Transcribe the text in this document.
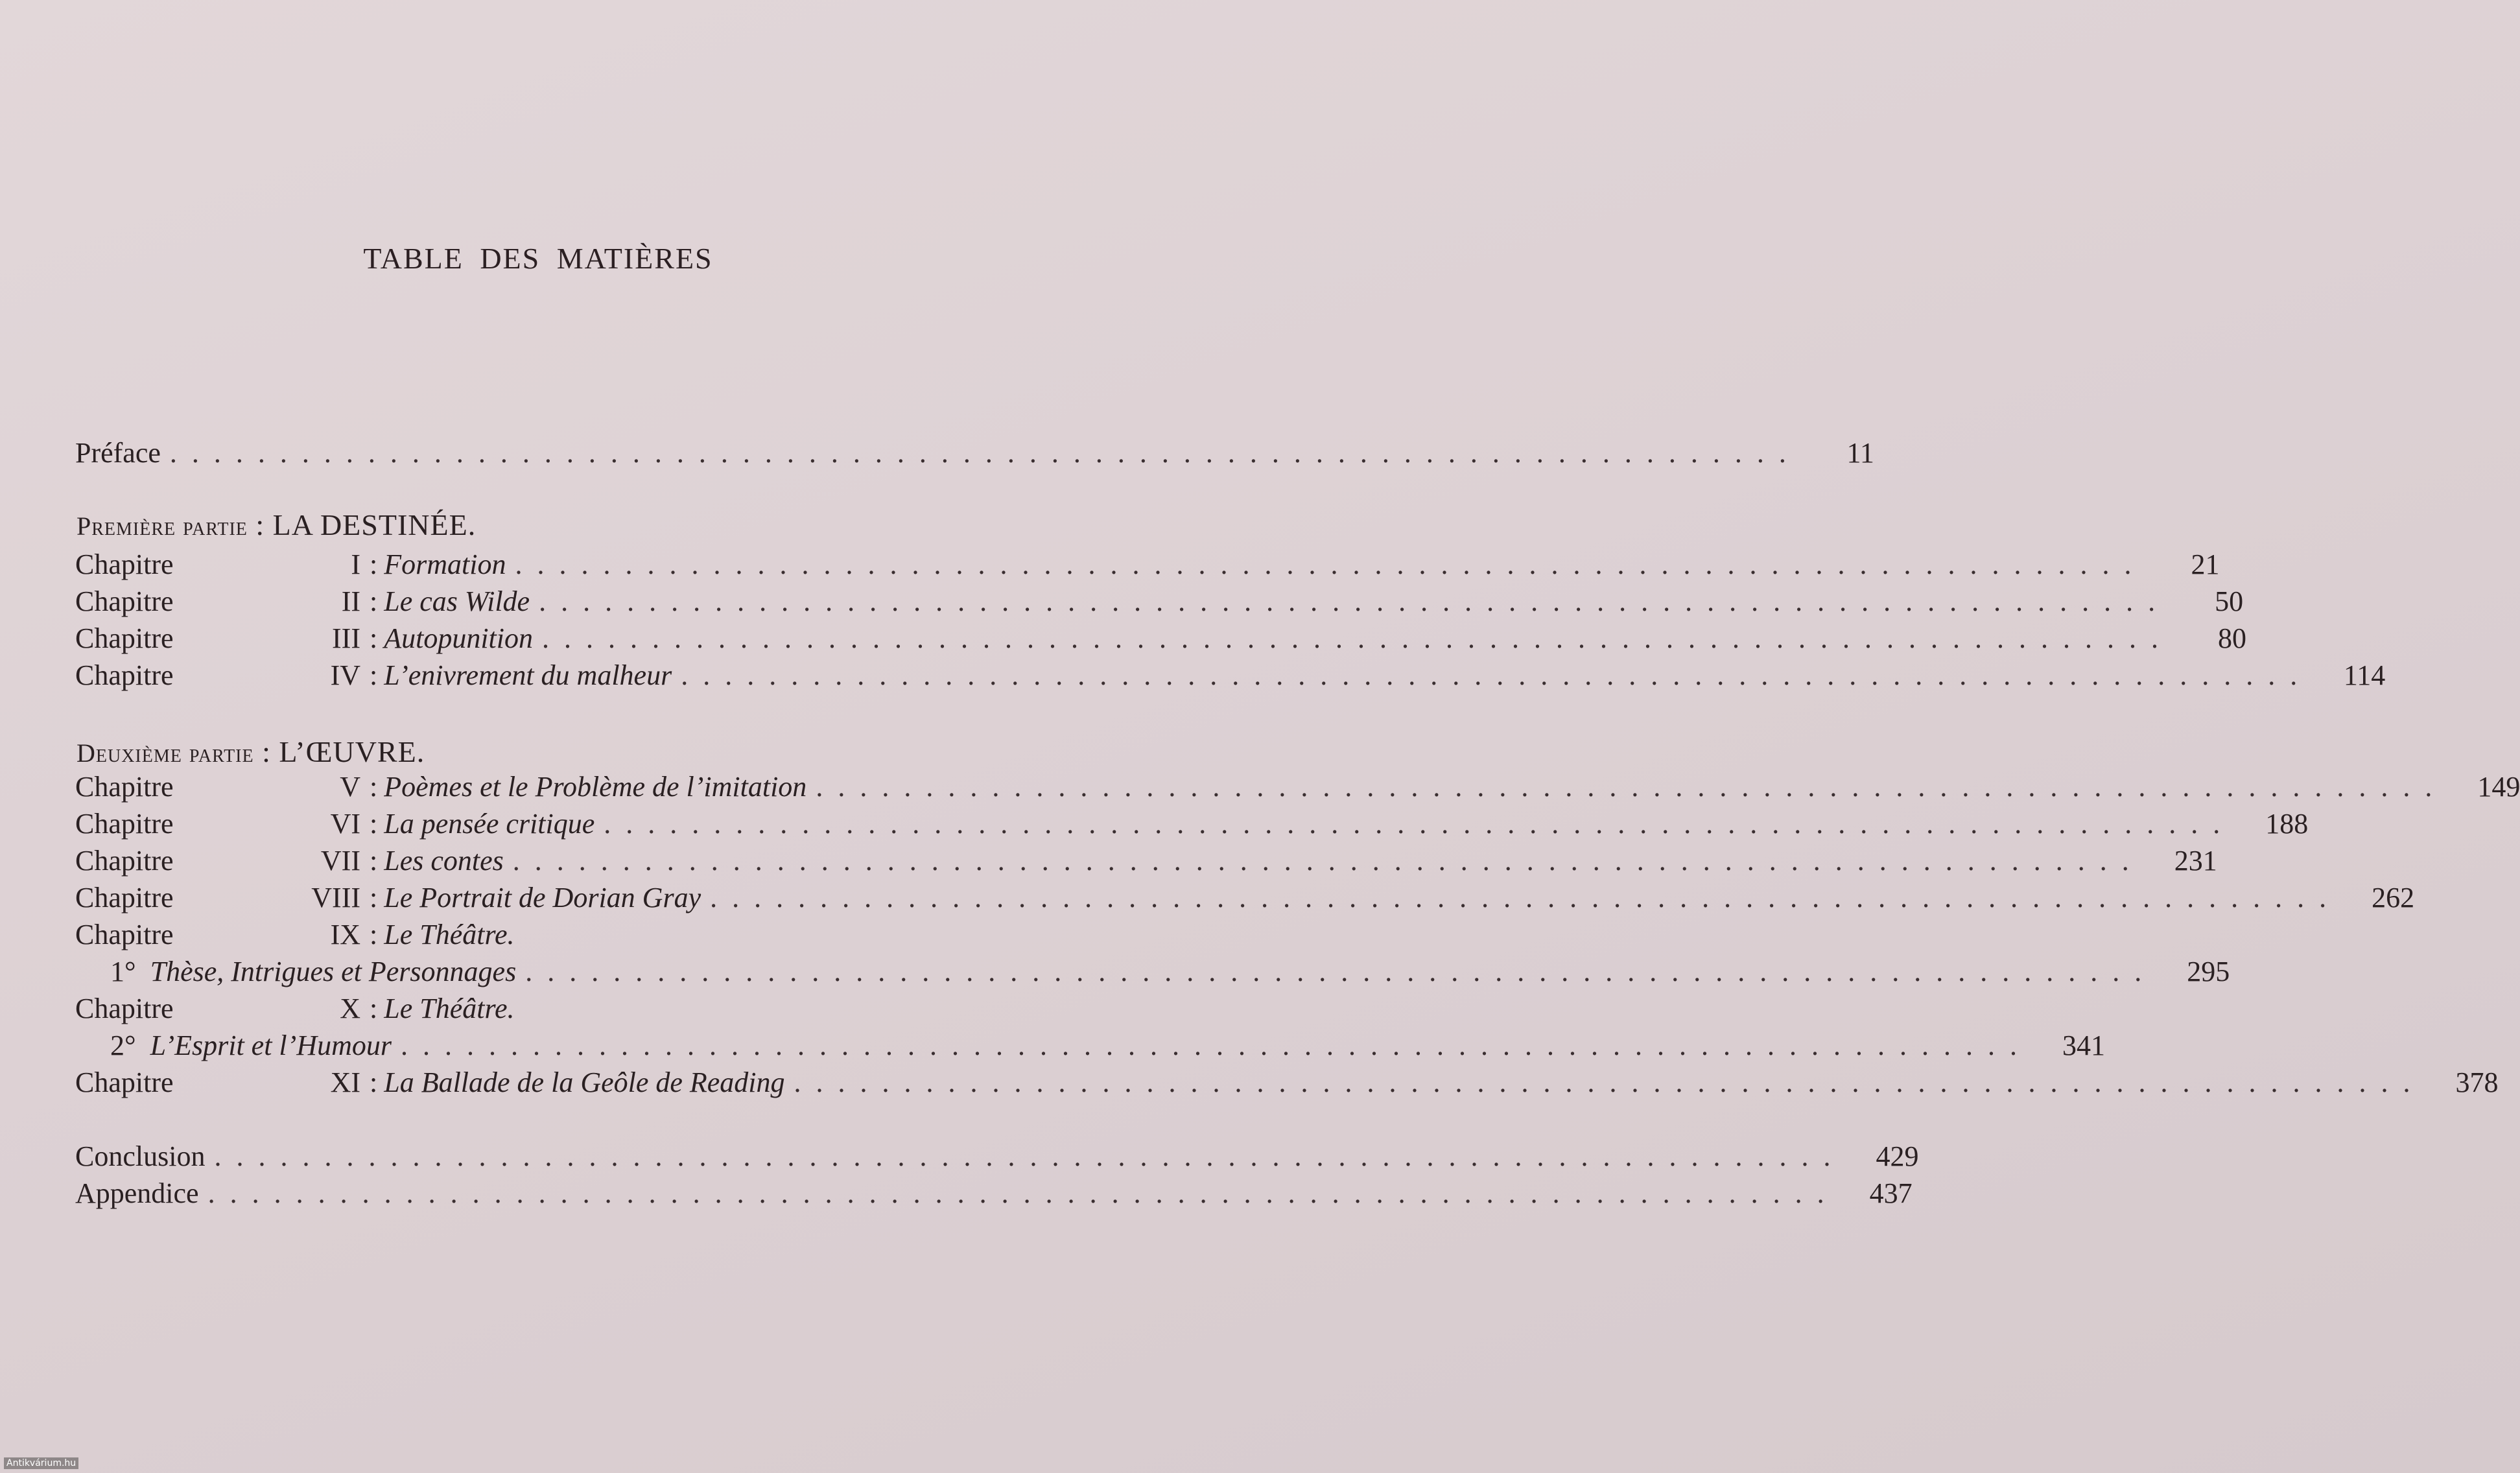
TABLE DES MATIÈRES
Préface . . . . . . . . . . . . . . . . . . . . . . . . . . . . . . . . . . . . . . . . . . . . . . . . . . . . . . . . . . . . . . . . . . . . . . . . . .	11
Première partie : LA DESTINÉE.
Chapitre	I : Formation . . . . . . . . . . . . . . . . . . . . . . . . . . . . . . . . . . . . . . . . . . . . . . . . . . . . . . . . . . . . . . . . . . . . . . . . . .	21
Chapitre	II : Le cas Wilde . . . . . . . . . . . . . . . . . . . . . . . . . . . . . . . . . . . . . . . . . . . . . . . . . . . . . . . . . . . . . . . . . . . . . . . . . .	50
Chapitre	III : Autopunition . . . . . . . . . . . . . . . . . . . . . . . . . . . . . . . . . . . . . . . . . . . . . . . . . . . . . . . . . . . . . . . . . . . . . . . . . .	80
Chapitre	IV : L’enivrement du malheur . . . . . . . . . . . . . . . . . . . . . . . . . . . . . . . . . . . . . . . . . . . . . . . . . . . . . . . . . . . . . . . . . . . . . . . . . .	114
Deuxième partie : L’ŒUVRE.
Chapitre	V : Poèmes et le Problème de l’imitation . . . . . . . . . . . . . . . . . . . . . . . . . . . . . . . . . . . . . . . . . . . . . . . . . . . . . . . . . . . . . . . . . . . . . . . . . .	149
Chapitre	VI : La pensée critique . . . . . . . . . . . . . . . . . . . . . . . . . . . . . . . . . . . . . . . . . . . . . . . . . . . . . . . . . . . . . . . . . . . . . . . . . .	188
Chapitre	VII : Les contes . . . . . . . . . . . . . . . . . . . . . . . . . . . . . . . . . . . . . . . . . . . . . . . . . . . . . . . . . . . . . . . . . . . . . . . . . .	231
Chapitre	VIII : Le Portrait de Dorian Gray . . . . . . . . . . . . . . . . . . . . . . . . . . . . . . . . . . . . . . . . . . . . . . . . . . . . . . . . . . . . . . . . . . . . . . . . . .	262
Chapitre	IX : Le Théâtre.
1° Thèse, Intrigues et Personnages . . . . . . . . . . . . . . . . . . . . . . . . . . . . . . . . . . . . . . . . . . . . . . . . . . . . . . . . . . . . . . . . . . . . . . . . . .	295
Chapitre	X : Le Théâtre.
2° L’Esprit et l’Humour . . . . . . . . . . . . . . . . . . . . . . . . . . . . . . . . . . . . . . . . . . . . . . . . . . . . . . . . . . . . . . . . . . . . . . . . . .	341
Chapitre	XI : La Ballade de la Geôle de Reading . . . . . . . . . . . . . . . . . . . . . . . . . . . . . . . . . . . . . . . . . . . . . . . . . . . . . . . . . . . . . . . . . . . . . . . . . .	378
Conclusion . . . . . . . . . . . . . . . . . . . . . . . . . . . . . . . . . . . . . . . . . . . . . . . . . . . . . . . . . . . . . . . . . . . . . . . . . .	429
Appendice . . . . . . . . . . . . . . . . . . . . . . . . . . . . . . . . . . . . . . . . . . . . . . . . . . . . . . . . . . . . . . . . . . . . . . . . . .	437
Antikvárium.hu
